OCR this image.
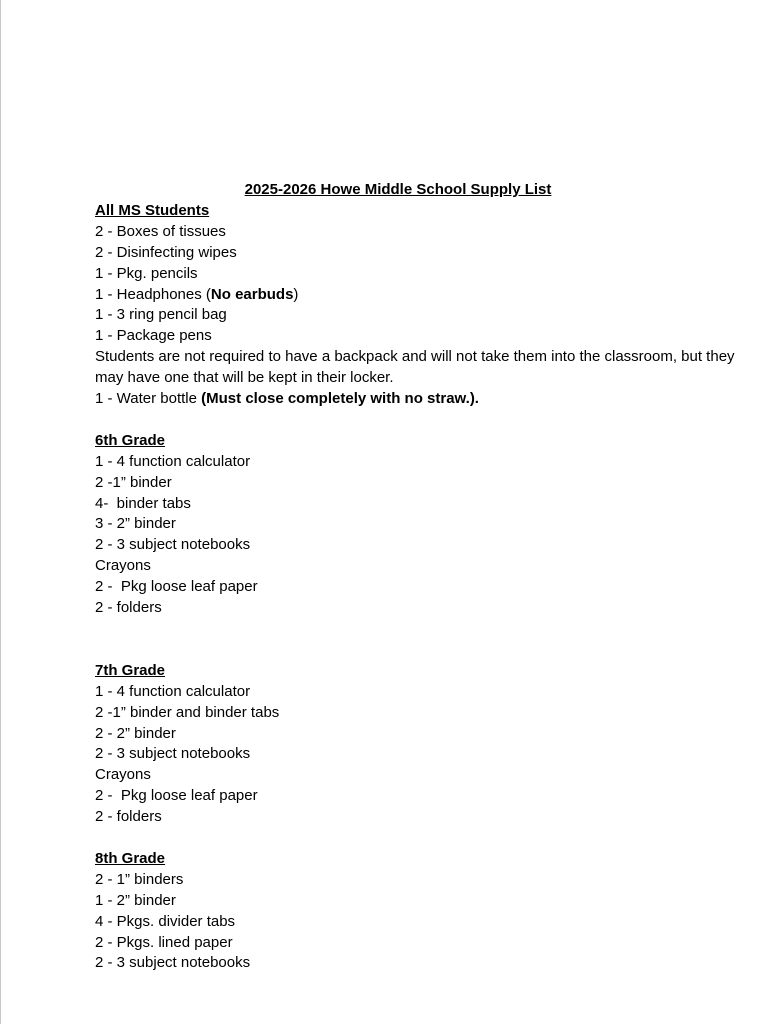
2025-2026 Howe Middle School Supply List
All MS Students
2 - Boxes of tissues
2 - Disinfecting wipes
1 - Pkg. pencils
1 - Headphones (No earbuds)
1 - 3 ring pencil bag
1 - Package pens
Students are not required to have a backpack and will not take them into the classroom, but they may have one that will be kept in their locker.
1 - Water bottle (Must close completely with no straw.).
6th Grade
1 - 4 function calculator
2 -1” binder
4-  binder tabs
3 - 2” binder
2 - 3 subject notebooks
Crayons
2 -  Pkg loose leaf paper
2 - folders
7th Grade
1 - 4 function calculator
2 -1” binder and binder tabs
2 - 2” binder
2 - 3 subject notebooks
Crayons
2 -  Pkg loose leaf paper
2 - folders
8th Grade
2 - 1” binders
1 - 2” binder
4 - Pkgs. divider tabs
2 - Pkgs. lined paper
2 - 3 subject notebooks
